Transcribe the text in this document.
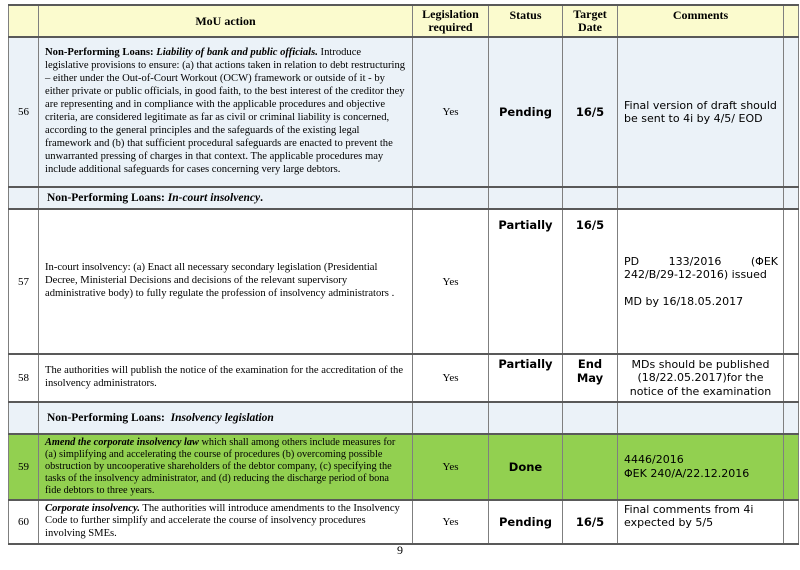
	MoU action	Legislation required	Status	Target Date	Comments	
56	Non-Performing Loans: Liability of bank and public officials. Introduce legislative provisions to ensure: (a) that actions taken in relation to debt restructuring – either under the Out-of-Court Workout (OCW) framework or outside of it - by either private or public officials, in good faith, to the best interest of the creditor they are representing and in compliance with the applicable procedures and objective criteria, are considered legitimate as far as civil or criminal liability is concerned, according to the general principles and the safeguards of the existing legal framework and (b) that sufficient procedural safeguards are enacted to prevent the unwarranted pressing of charges in that context. The applicable procedures may include additional safeguards for cases concerning very large debtors.	Yes	Pending	16/5	Final version of draft should be sent to 4i by 4/5/ EOD	

	Non-Performing Loans: In-court insolvency.					
57	In-court insolvency: (a) Enact all necessary secondary legislation (Presidential Decree, Ministerial Decisions and decisions of the relevant supervisory administrative body) to fully regulate the profession of insolvency administrators .	Yes	Partially	16/5	PD 133/2016 (ΦΕΚ 242/B/29-12-2016) issued
MD by 16/18.05.2017	

58	The authorities will publish the notice of the examination for the accreditation of the insolvency administrators.	Yes	Partially	End May	MDs should be published (18/22.05.2017)for the notice of the examination	

	Non-Performing Loans:  Insolvency legislation					
59	Amend the corporate insolvency law which shall among others include measures for (a) simplifying and accelerating the course of procedures (b) overcoming possible obstruction by uncooperative shareholders of the debtor company, (c) specifying the tasks of the insolvency administrator, and (d) reducing the discharge period of bona fide debtors to three years.	Yes	Done		4446/2016
ΦΕΚ 240/Α/22.12.2016	

60	Corporate insolvency. The authorities will introduce amendments to the Insolvency Code to further simplify and accelerate the course of insolvency procedures involving SMEs.	Yes	Pending	16/5	Final comments from 4i expected by 5/5	

9
